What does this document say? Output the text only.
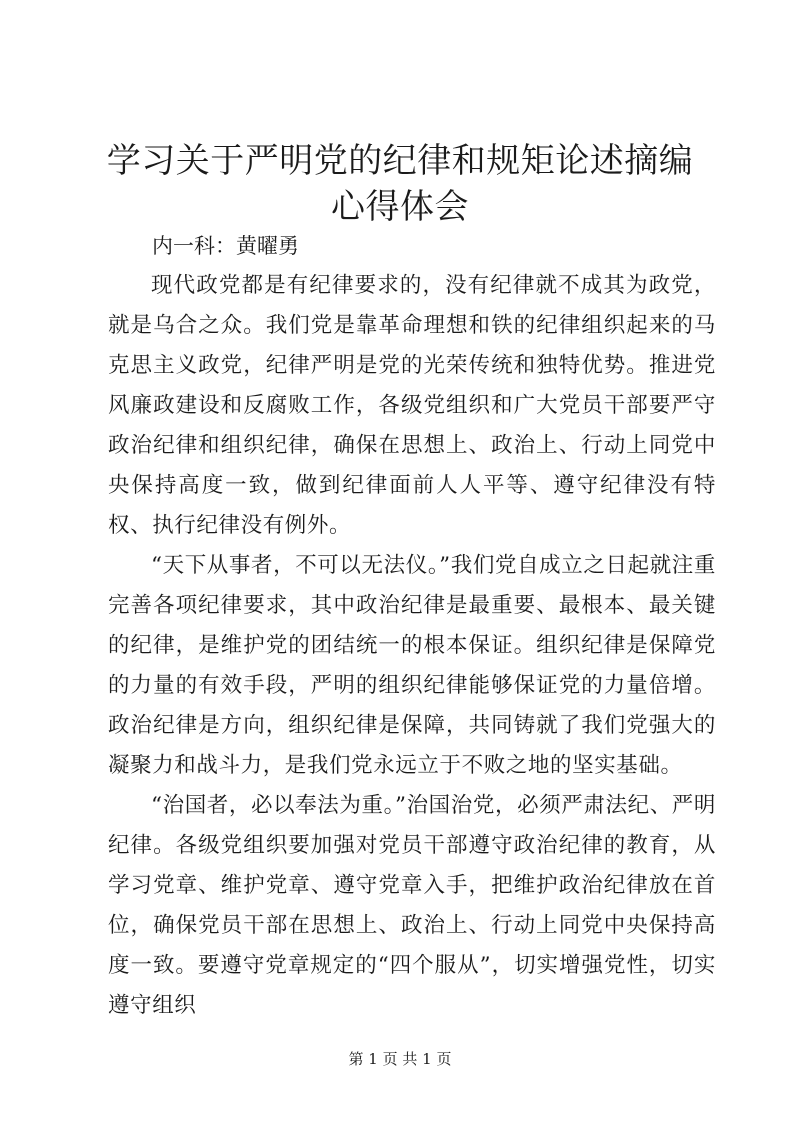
学习关于严明党的纪律和规矩论述摘编心得体会

内一科：黄曜勇

现代政党都是有纪律要求的，没有纪律就不成其为政党，就是乌合之众。我们党是靠革命理想和铁的纪律组织起来的马克思主义政党，纪律严明是党的光荣传统和独特优势。推进党风廉政建设和反腐败工作，各级党组织和广大党员干部要严守政治纪律和组织纪律，确保在思想上、政治上、行动上同党中央保持高度一致，做到纪律面前人人平等、遵守纪律没有特权、执行纪律没有例外。

“天下从事者，不可以无法仪。”我们党自成立之日起就注重完善各项纪律要求，其中政治纪律是最重要、最根本、最关键的纪律，是维护党的团结统一的根本保证。组织纪律是保障党的力量的有效手段，严明的组织纪律能够保证党的力量倍增。政治纪律是方向，组织纪律是保障，共同铸就了我们党强大的凝聚力和战斗力，是我们党永远立于不败之地的坚实基础。

“治国者，必以奉法为重。”治国治党，必须严肃法纪、严明纪律。各级党组织要加强对党员干部遵守政治纪律的教育，从学习党章、维护党章、遵守党章入手，把维护政治纪律放在首位，确保党员干部在思想上、政治上、行动上同党中央保持高度一致。要遵守党章规定的“四个服从”，切实增强党性，切实遵守组织

第 1 页 共 1 页
